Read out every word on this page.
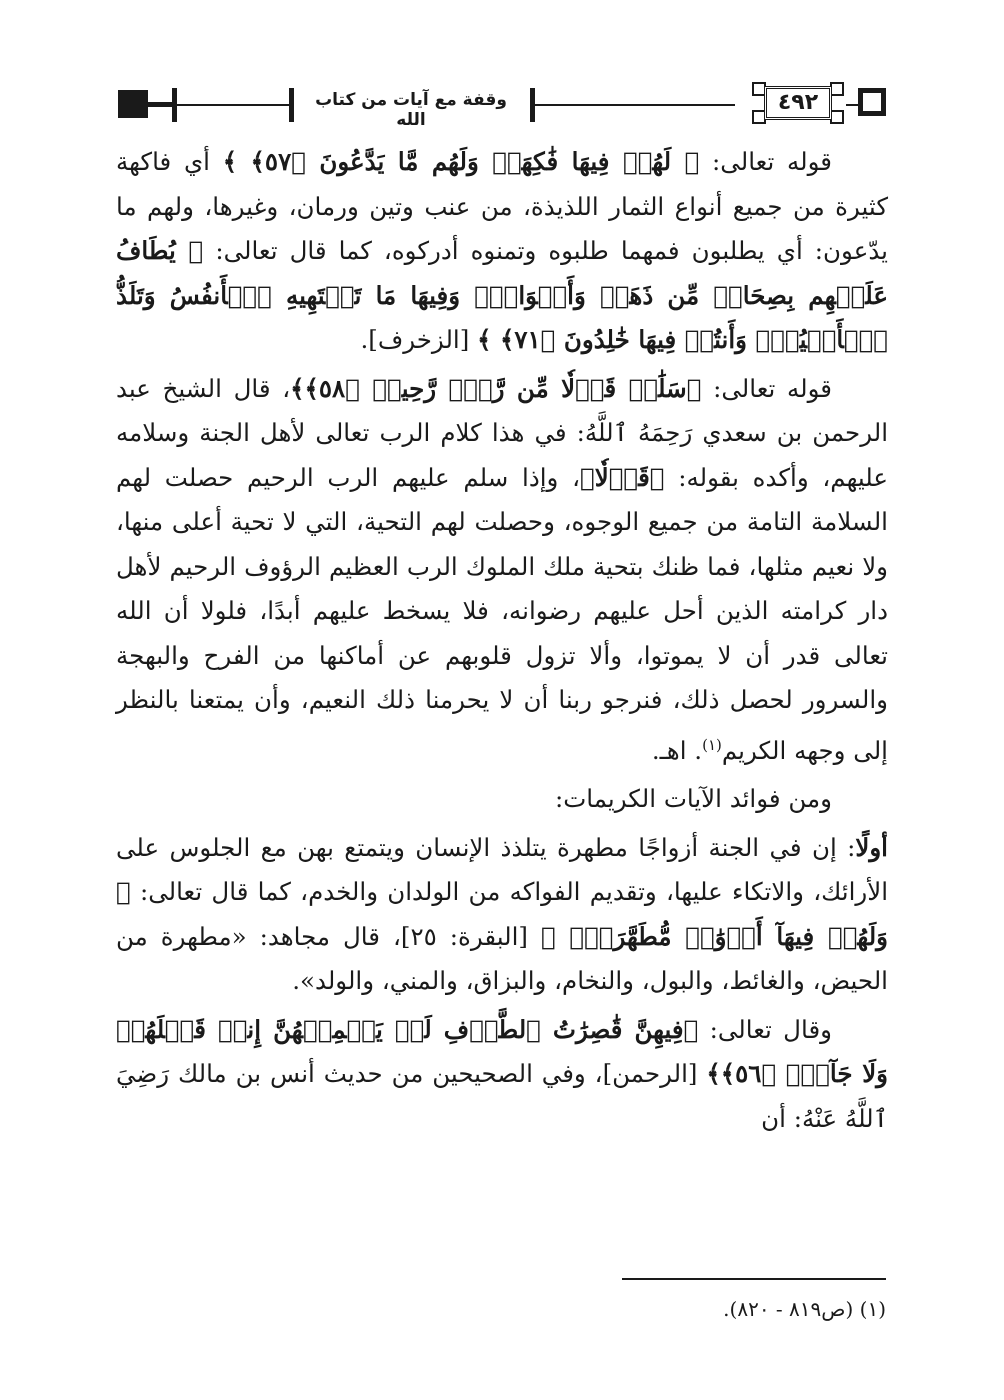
وقفة مع آيات من كتاب الله
٤٩٢

قوله تعالى: ﴿ لَهُمۡ فِيهَا فَٰكِهَةٞ وَلَهُم مَّا يَدَّعُونَ ﴿٥٧﴾ ﴾ أي فاكهة كثيرة من جميع أنواع الثمار اللذيذة، من عنب وتين ورمان، وغيرها، ولهم ما يدّعون: أي يطلبون فمهما طلبوه وتمنوه أدركوه، كما قال تعالى: ﴿ يُطَافُ عَلَيۡهِم بِصِحَافٖ مِّن ذَهَبٖ وَأَكۡوَابٖۖ وَفِيهَا مَا تَشۡتَهِيهِ ٱلۡأَنفُسُ وَتَلَذُّ ٱلۡأَعۡيُنُۖ وَأَنتُمۡ فِيهَا خَٰلِدُونَ ﴿٧١﴾ ﴾ [الزخرف].

قوله تعالى: ﴿سَلَٰمٞ قَوۡلٗا مِّن رَّبّٖ رَّحِيمٖ ﴿٥٨﴾﴾، قال الشيخ عبد الرحمن بن سعدي رَحِمَهُ ٱللَّهُ: في هذا كلام الرب تعالى لأهل الجنة وسلامه عليهم، وأكده بقوله: ﴿قَوۡلٗا﴾، وإذا سلم عليهم الرب الرحيم حصلت لهم السلامة التامة من جميع الوجوه، وحصلت لهم التحية، التي لا تحية أعلى منها، ولا نعيم مثلها، فما ظنك بتحية ملك الملوك الرب العظيم الرؤوف الرحيم لأهل دار كرامته الذين أحل عليهم رضوانه، فلا يسخط عليهم أبدًا، فلولا أن الله تعالى قدر أن لا يموتوا، وألا تزول قلوبهم عن أماكنها من الفرح والبهجة والسرور لحصل ذلك، فنرجو ربنا أن لا يحرمنا ذلك النعيم، وأن يمتعنا بالنظر إلى وجهه الكريم$^{(١)}$. اهـ.

ومن فوائد الآيات الكريمات:

أولًا: إن في الجنة أزواجًا مطهرة يتلذذ الإنسان ويتمتع بهن مع الجلوس على الأرائك، والاتكاء عليها، وتقديم الفواكه من الولدان والخدم، كما قال تعالى: ﴿ وَلَهُمۡ فِيهَآ أَزۡوَٰجٞ مُّطَهَّرَةٞۖ ﴾ [البقرة: ٢٥]، قال مجاهد: «مطهرة من الحيض، والغائط، والبول، والنخام، والبزاق، والمني، والولد».

وقال تعالى: ﴿فِيهِنَّ قَٰصِرَٰتُ ٱلطَّرۡفِ لَمۡ يَطۡمِثۡهُنَّ إِنسٞ قَبۡلَهُمۡ وَلَا جَآنّٞ ﴿٥٦﴾﴾ [الرحمن]، وفي الصحيحين من حديث أنس بن مالك رَضِيَ ٱللَّهُ عَنْهُ: أن

(١) (ص٨١٩ - ٨٢٠).
